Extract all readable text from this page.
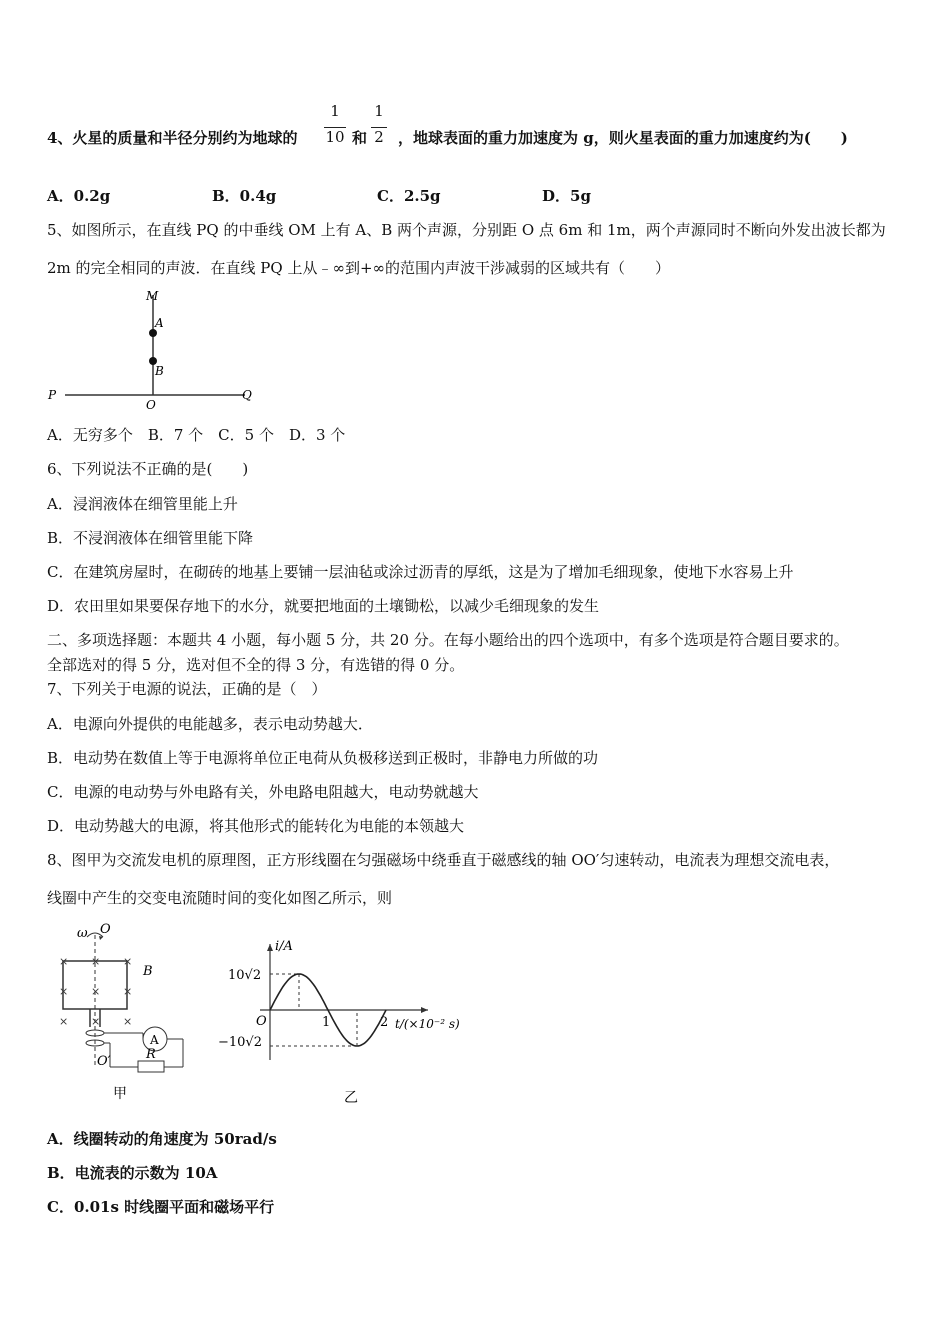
4、火星的质量和半径分别约为地球的
1
10 和
1
2 ，地球表面的重力加速度为 g，则火星表面的重力加速度约为(　　)
A．0.2g	B．0.4g	C．2.5g	D．5g
5、如图所示，在直线 PQ 的中垂线 OM 上有 A、B 两个声源，分别距 O 点 6m 和 1m，两个声源同时不断向外发出波长都为
2m 的完全相同的声波．在直线 PQ 上从﹣∞到+∞的范围内声波干涉减弱的区域共有（　　）
M
A
B
P
O
Q
A．无穷多个　B．7 个　C．5 个　D．3 个
6、下列说法不正确的是(　　)
A．浸润液体在细管里能上升
B．不浸润液体在细管里能下降
C．在建筑房屋时，在砌砖的地基上要铺一层油毡或涂过沥青的厚纸，这是为了增加毛细现象，使地下水容易上升
D．农田里如果要保存地下的水分，就要把地面的土壤锄松，以减少毛细现象的发生
二、多项选择题：本题共 4 小题，每小题 5 分，共 20 分。在每小题给出的四个选项中，有多个选项是符合题目要求的。
全部选对的得 5 分，选对但不全的得 3 分，有选错的得 0 分。
7、下列关于电源的说法，正确的是（　）
A．电源向外提供的电能越多，表示电动势越大．
B．电动势在数值上等于电源将单位正电荷从负极移送到正极时，非静电力所做的功
C．电源的电动势与外电路有关，外电路电阻越大，电动势就越大
D．电动势越大的电源，将其他形式的能转化为电能的本领越大
8、图甲为交流发电机的原理图，正方形线圈在匀强磁场中绕垂直于磁感线的轴 OO′匀速转动，电流表为理想交流电表，
线圈中产生的交变电流随时间的变化如图乙所示，则
ω O
A
R
O′
B
× × ×
× × ×
× × ×
甲
i/A
t/(×10⁻² s)
O
10√2
−10√2
1	2
乙
A．线圈转动的角速度为 50rad/s
B．电流表的示数为 10A
C．0.01s 时线圈平面和磁场平行
